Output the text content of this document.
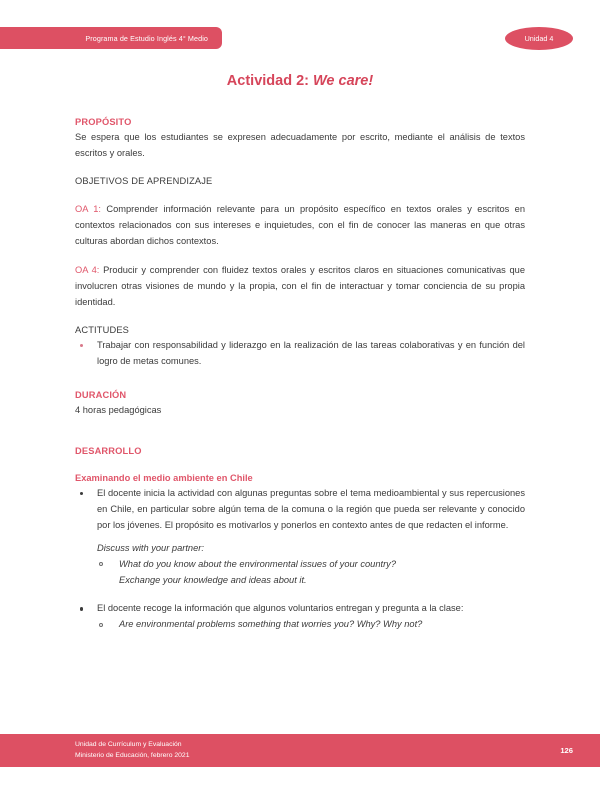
Programa de Estudio Inglés 4° Medio	Unidad 4
Actividad 2: We care!
PROPÓSITO

Se espera que los estudiantes se expresen adecuadamente por escrito, mediante el análisis de textos escritos y orales.

OBJETIVOS DE APRENDIZAJE

OA 1: Comprender información relevante para un propósito específico en textos orales y escritos en contextos relacionados con sus intereses e inquietudes, con el fin de conocer las maneras en que otras culturas abordan dichos contextos.

OA 4: Producir y comprender con fluidez textos orales y escritos claros en situaciones comunicativas que involucren otras visiones de mundo y la propia, con el fin de interactuar y tomar conciencia de su propia identidad.

ACTITUDES
Trabajar con responsabilidad y liderazgo en la realización de las tareas colaborativas y en función del logro de metas comunes.
DURACIÓN

4 horas pedagógicas

DESARROLLO
Examinando el medio ambiente en Chile
El docente inicia la actividad con algunas preguntas sobre el tema medioambiental y sus repercusiones en Chile, en particular sobre algún tema de la comuna o la región que pueda ser relevante y conocido por los jóvenes. El propósito es motivarlos y ponerlos en contexto antes de que redacten el informe.

Discuss with your partner:

What do you know about the environmental issues of your country?
Exchange your knowledge and ideas about it.
El docente recoge la información que algunos voluntarios entregan y pregunta a la clase:
Are environmental problems something that worries you? Why? Why not?
Unidad de Currículum y Evaluación
Ministerio de Educación, febrero 2021	126
